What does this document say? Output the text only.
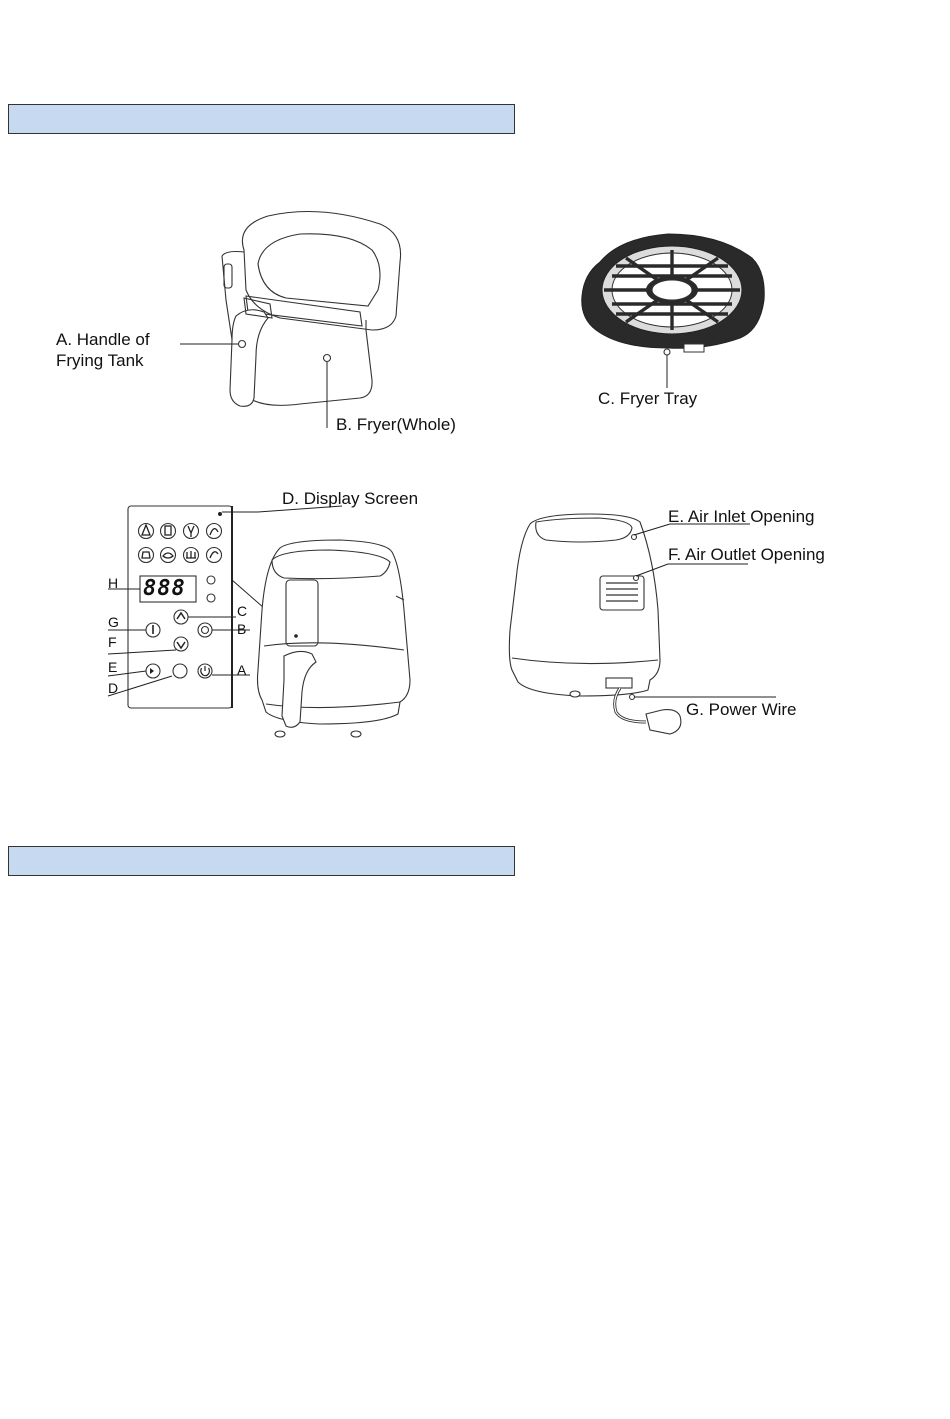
A. Handle of
Frying Tank
B. Fryer(Whole)
C. Fryer Tray
D. Display Screen
E. Air Inlet Opening
F. Air Outlet Opening
G. Power Wire
888
H
C
G	B
F
E	A
D
